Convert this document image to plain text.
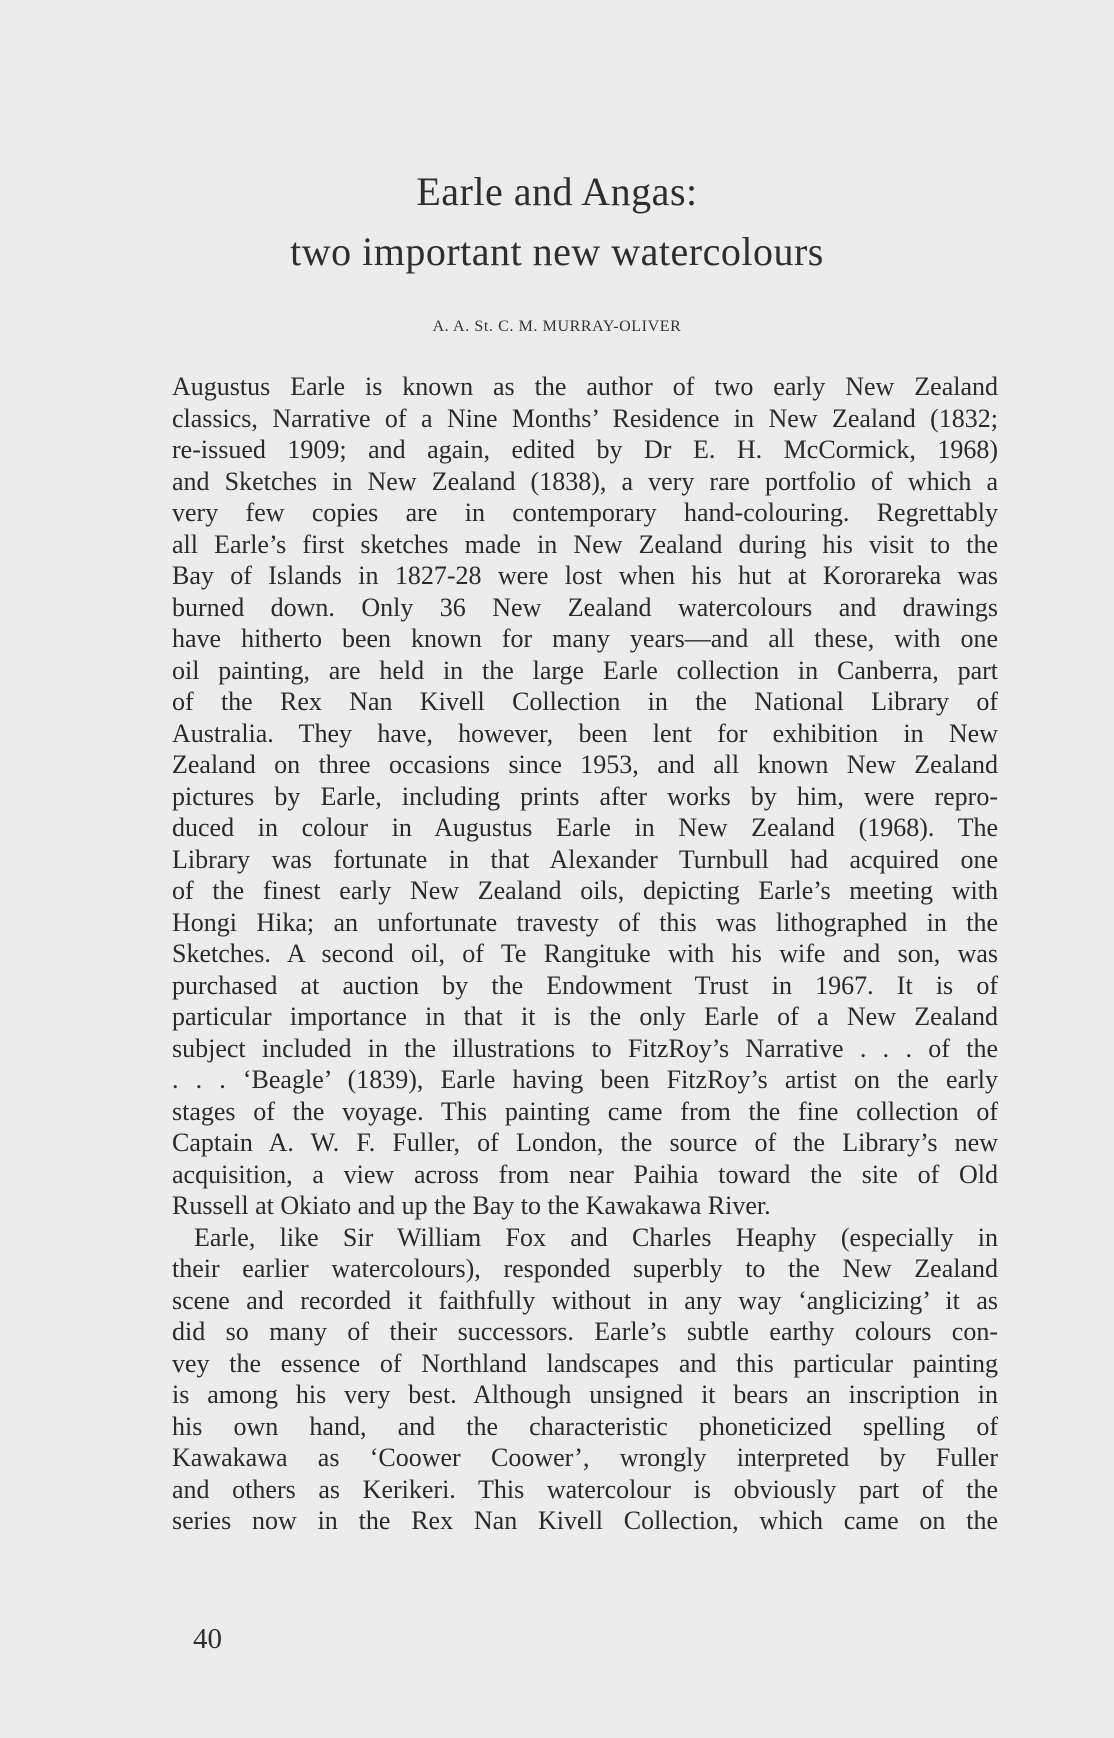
Earle and Angas:
two important new watercolours
A. A. St. C. M. MURRAY-OLIVER
Augustus Earle is known as the author of two early New Zealand
classics, Narrative of a Nine Months’ Residence in New Zealand (1832;
re-issued 1909; and again, edited by Dr E. H. McCormick, 1968)
and Sketches in New Zealand (1838), a very rare portfolio of which a
very few copies are in contemporary hand-colouring. Regrettably
all Earle’s first sketches made in New Zealand during his visit to the
Bay of Islands in 1827-28 were lost when his hut at Kororareka was
burned down. Only 36 New Zealand watercolours and drawings
have hitherto been known for many years—and all these, with one
oil painting, are held in the large Earle collection in Canberra, part
of the Rex Nan Kivell Collection in the National Library of
Australia. They have, however, been lent for exhibition in New
Zealand on three occasions since 1953, and all known New Zealand
pictures by Earle, including prints after works by him, were repro-
duced in colour in Augustus Earle in New Zealand (1968). The
Library was fortunate in that Alexander Turnbull had acquired one
of the finest early New Zealand oils, depicting Earle’s meeting with
Hongi Hika; an unfortunate travesty of this was lithographed in the
Sketches. A second oil, of Te Rangituke with his wife and son, was
purchased at auction by the Endowment Trust in 1967. It is of
particular importance in that it is the only Earle of a New Zealand
subject included in the illustrations to FitzRoy’s Narrative . . . of the
. . . ‘Beagle’ (1839), Earle having been FitzRoy’s artist on the early
stages of the voyage. This painting came from the fine collection of
Captain A. W. F. Fuller, of London, the source of the Library’s new
acquisition, a view across from near Paihia toward the site of Old
Russell at Okiato and up the Bay to the Kawakawa River.
Earle, like Sir William Fox and Charles Heaphy (especially in
their earlier watercolours), responded superbly to the New Zealand
scene and recorded it faithfully without in any way ‘anglicizing’ it as
did so many of their successors. Earle’s subtle earthy colours con-
vey the essence of Northland landscapes and this particular painting
is among his very best. Although unsigned it bears an inscription in
his own hand, and the characteristic phoneticized spelling of
Kawakawa as ‘Coower Coower’, wrongly interpreted by Fuller
and others as Kerikeri. This watercolour is obviously part of the
series now in the Rex Nan Kivell Collection, which came on the
40
